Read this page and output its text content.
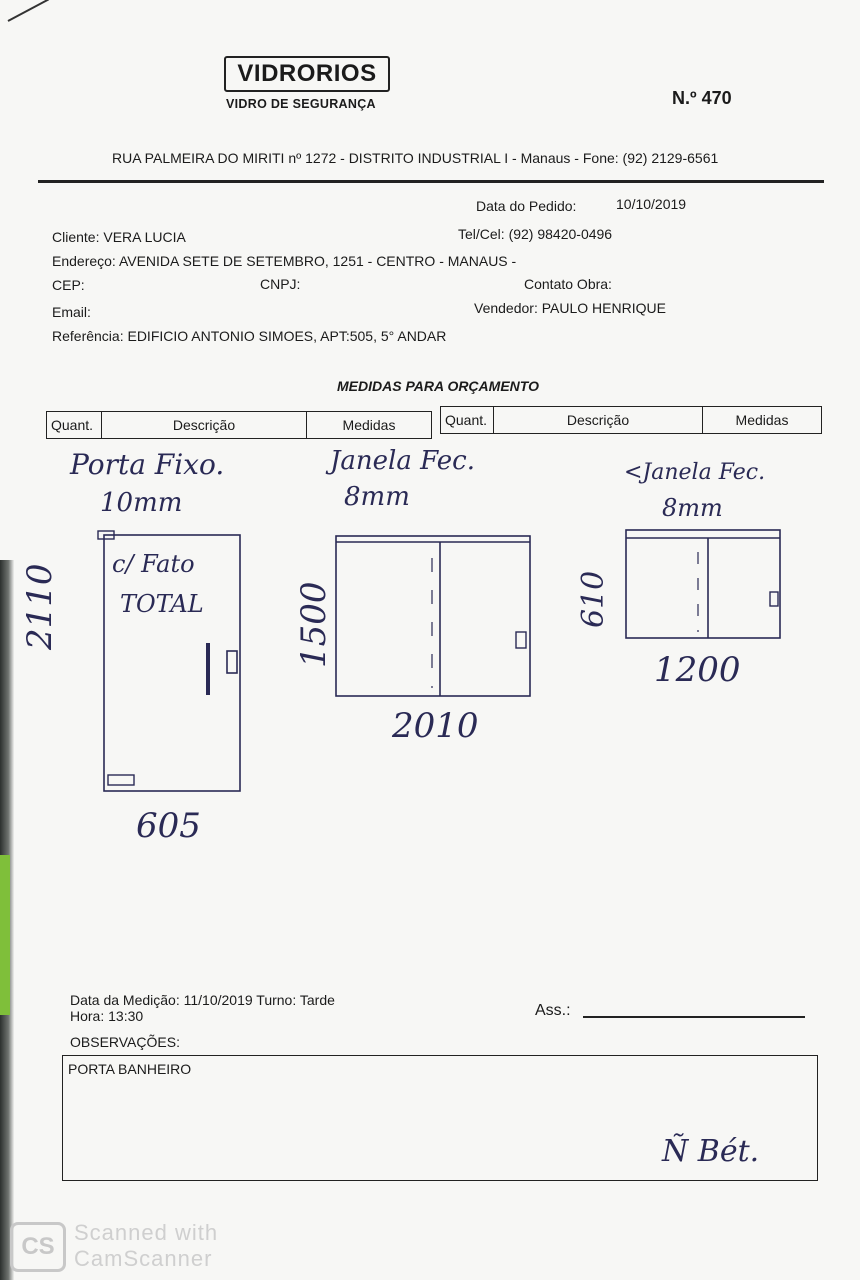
VIDRORIOS
VIDRO DE SEGURANÇA	N.º 470
RUA PALMEIRA DO MIRITI nº 1272 - DISTRITO INDUSTRIAL I - Manaus - Fone: (92) 2129-6561
Data do Pedido:	10/10/2019
Cliente: VERA LUCIA	Tel/Cel: (92) 98420-0496
Endereço: AVENIDA SETE DE SETEMBRO, 1251 - CENTRO - MANAUS -
CEP:	CNPJ:	Contato Obra:
Email:	Vendedor: PAULO HENRIQUE
Referência: EDIFICIO ANTONIO SIMOES, APT:505, 5° ANDAR
MEDIDAS PARA ORÇAMENTO
Quant.	Descrição	Medidas	Quant.	Descrição	Medidas
Porta Fixo.
10mm
c/ Fato
TOTAL
2110
605
Janela Fec.
8mm
1500
2010
<Janela Fec.
8mm
610
1200
Data da Medição: 11/10/2019 Turno: Tarde
Hora: 13:30	Ass.:
OBSERVAÇÕES:
PORTA BANHEIRO
Ñ Bét.
CS
Scanned with
CamScanner
